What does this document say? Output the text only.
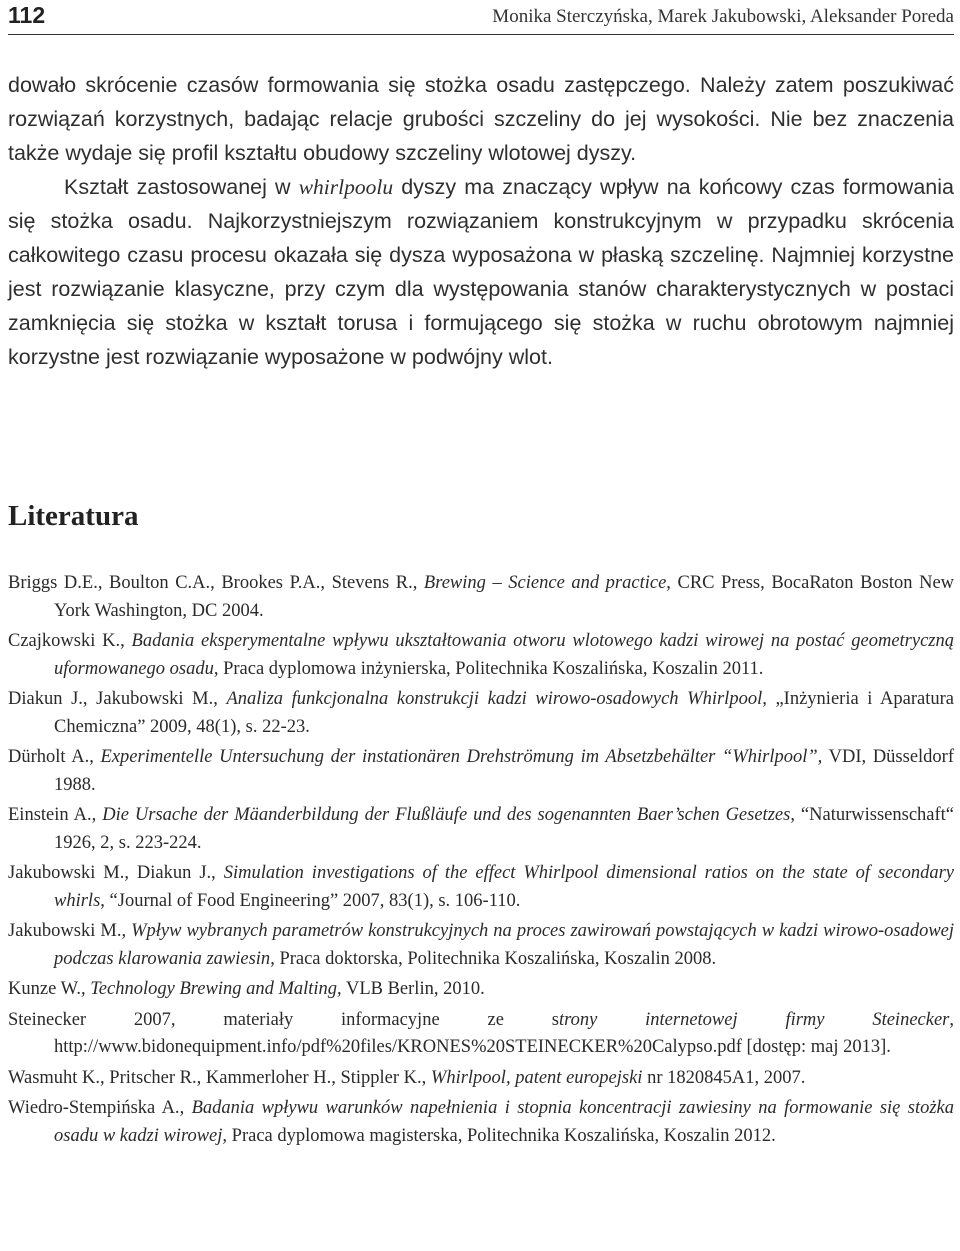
112	Monika Sterczyńska, Marek Jakubowski, Aleksander Poreda

dowało skrócenie czasów formowania się stożka osadu zastępczego. Należy zatem poszukiwać rozwiązań korzystnych, badając relacje grubości szczeliny do jej wysokości. Nie bez znaczenia także wydaje się profil kształtu obudowy szczeliny wlotowej dyszy.

Kształt zastosowanej w whirlpoolu dyszy ma znaczący wpływ na końcowy czas formowania się stożka osadu. Najkorzystniejszym rozwiązaniem konstrukcyjnym w przypadku skrócenia całkowitego czasu procesu okazała się dysza wyposażona w płaską szczelinę. Najmniej korzystne jest rozwiązanie klasyczne, przy czym dla występowania stanów charakterystycznych w postaci zamknięcia się stożka w kształt torusa i formującego się stożka w ruchu obrotowym najmniej korzystne jest rozwiązanie wyposażone w podwójny wlot.

Literatura
Briggs D.E., Boulton C.A., Brookes P.A., Stevens R., Brewing – Science and practice, CRC Press, BocaRaton Boston New York Washington, DC 2004.
Czajkowski K., Badania eksperymentalne wpływu ukształtowania otworu wlotowego kadzi wirowej na postać geometryczną uformowanego osadu, Praca dyplomowa inżynierska, Politechnika Koszalińska, Koszalin 2011.
Diakun J., Jakubowski M., Analiza funkcjonalna konstrukcji kadzi wirowo-osadowych Whirlpool, „Inżynieria i Aparatura Chemiczna” 2009, 48(1), s. 22-23.
Dürholt A., Experimentelle Untersuchung der instationären Drehströmung im Absetzbehälter “Whirlpool”, VDI, Düsseldorf 1988.
Einstein A., Die Ursache der Mäanderbildung der Flußläufe und des sogenannten Baer’schen Gesetzes, “Naturwissenschaft“ 1926, 2, s. 223-224.
Jakubowski M., Diakun J., Simulation investigations of the effect Whirlpool dimensional ratios on the state of secondary whirls, “Journal of Food Engineering” 2007, 83(1), s. 106-110.
Jakubowski M., Wpływ wybranych parametrów konstrukcyjnych na proces zawirowań powstających w kadzi wirowo-osadowej podczas klarowania zawiesin, Praca doktorska, Politechnika Koszalińska, Koszalin 2008.
Kunze W., Technology Brewing and Malting, VLB Berlin, 2010.
Steinecker 2007, materiały informacyjne ze strony internetowej firmy Steinecker, http://www.bidonequipment.info/pdf%20files/KRONES%20STEINECKER%20Calypso.pdf [dostęp: maj 2013].
Wasmuht K., Pritscher R., Kammerloher H., Stippler K., Whirlpool, patent europejski nr 1820845A1, 2007.
Wiedro-Stempińska A., Badania wpływu warunków napełnienia i stopnia koncentracji zawiesiny na formowanie się stożka osadu w kadzi wirowej, Praca dyplomowa magisterska, Politechnika Koszalińska, Koszalin 2012.
